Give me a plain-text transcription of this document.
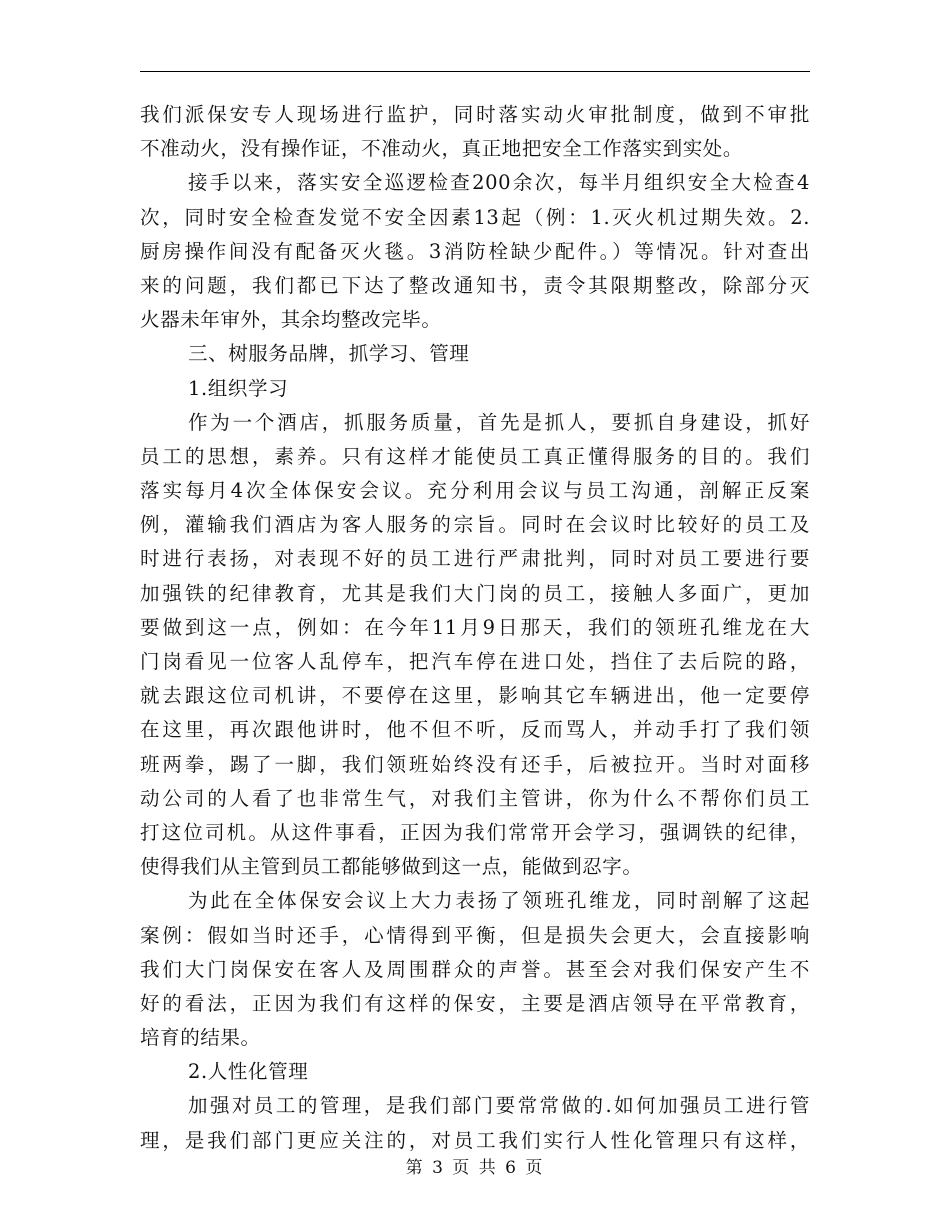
我们派保安专人现场进行监护，同时落实动火审批制度，做到不审批
不准动火，没有操作证，不准动火，真正地把安全工作落实到实处。
接手以来，落实安全巡逻检查200余次，每半月组织安全大检查4
次，同时安全检查发觉不安全因素13起（例：1.灭火机过期失效。2.
厨房操作间没有配备灭火毯。3消防栓缺少配件。）等情况。针对查出
来的问题，我们都已下达了整改通知书，责令其限期整改，除部分灭
火器未年审外，其余均整改完毕。
三、树服务品牌，抓学习、管理
1.组织学习
作为一个酒店，抓服务质量，首先是抓人，要抓自身建设，抓好
员工的思想，素养。只有这样才能使员工真正懂得服务的目的。我们
落实每月4次全体保安会议。充分利用会议与员工沟通，剖解正反案
例，灌输我们酒店为客人服务的宗旨。同时在会议时比较好的员工及
时进行表扬，对表现不好的员工进行严肃批判，同时对员工要进行要
加强铁的纪律教育，尤其是我们大门岗的员工，接触人多面广，更加
要做到这一点，例如：在今年11月9日那天，我们的领班孔维龙在大
门岗看见一位客人乱停车，把汽车停在进口处，挡住了去后院的路，
就去跟这位司机讲，不要停在这里，影响其它车辆进出，他一定要停
在这里，再次跟他讲时，他不但不听，反而骂人，并动手打了我们领
班两拳，踢了一脚，我们领班始终没有还手，后被拉开。当时对面移
动公司的人看了也非常生气，对我们主管讲，你为什么不帮你们员工
打这位司机。从这件事看，正因为我们常常开会学习，强调铁的纪律，
使得我们从主管到员工都能够做到这一点，能做到忍字。
为此在全体保安会议上大力表扬了领班孔维龙，同时剖解了这起
案例：假如当时还手，心情得到平衡，但是损失会更大，会直接影响
我们大门岗保安在客人及周围群众的声誉。甚至会对我们保安产生不
好的看法，正因为我们有这样的保安，主要是酒店领导在平常教育，
培育的结果。
2.人性化管理
加强对员工的管理，是我们部门要常常做的.如何加强员工进行管
理，是我们部门更应关注的，对员工我们实行人性化管理只有这样，
第 3 页 共 6 页
